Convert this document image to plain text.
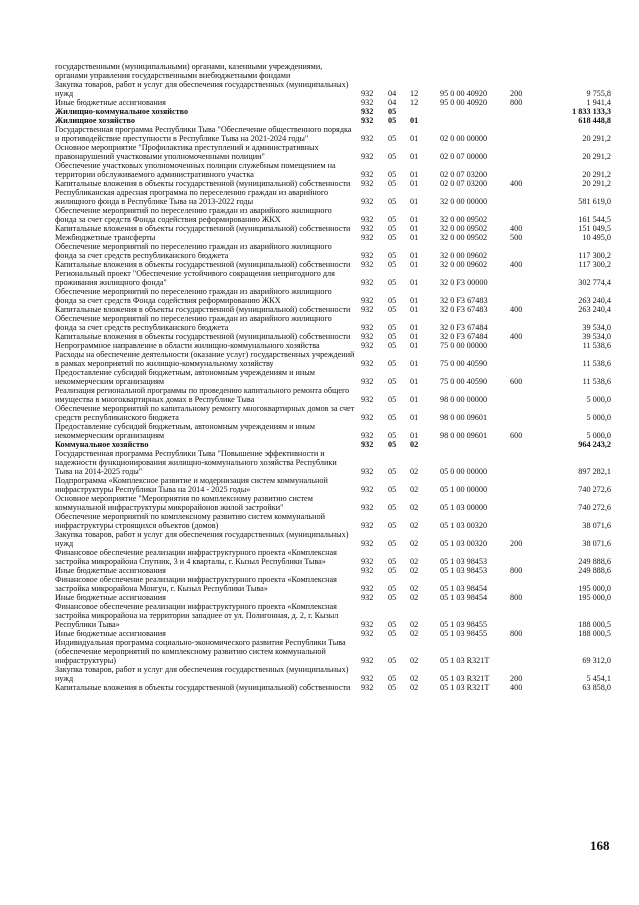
государственными (муниципальными) органами, казенными учреждениями, органами управления государственными внебюджетными фондами
Закупка товаров, работ и услуг для обеспечения государственных (муниципальных) нужд	932 04 12	95 0 00 40920	200	9 755,8
Иные бюджетные ассигнования	932 04 12	95 0 00 40920	800	1 941,4
Жилищно-коммунальное хозяйство	932 05	1 833 133,3
Жилищное хозяйство	932 05 01	618 448,8
Государственная программа Республики Тыва "Обеспечение общественного порядка и противодействие преступности в Республике Тыва на 2021-2024 годы"	932 05 01	02 0 00 00000	20 291,2
Основное мероприятие "Профилактика преступлений и административных правонарушений участковыми уполномоченными полиции"	932 05 01	02 0 07 00000	20 291,2
Обеспечение участковых уполномоченных полиции служебным помещением на территории обслуживаемого административного участка	932 05 01	02 0 07 03200	20 291,2
Капитальные вложения в объекты государственной (муниципальной) собственности	932 05 01	02 0 07 03200	400	20 291,2
Республиканская адресная программа по переселению граждан из аварийного жилищного фонда в Республике Тыва на 2013-2022 годы	932 05 01	32 0 00 00000	581 619,0
Обеспечение мероприятий по переселению граждан из аварийного жилищного фонда за счет средств Фонда содействия реформированию ЖКХ	932 05 01	32 0 00 09502	161 544,5
Капитальные вложения в объекты государственной (муниципальной) собственности	932 05 01	32 0 00 09502	400	151 049,5
Межбюджетные трансферты	932 05 01	32 0 00 09502	500	10 495,0
Обеспечение мероприятий по переселению граждан из аварийного жилищного фонда за счет средств республиканского бюджета	932 05 01	32 0 00 09602	117 300,2
Капитальные вложения в объекты государственной (муниципальной) собственности	932 05 01	32 0 00 09602	400	117 300,2
Региональный проект "Обеспечение устойчивого сокращения непригодного для проживания жилищного фонда"	932 05 01	32 0 F3 00000	302 774,4
Обеспечение мероприятий по переселению граждан из аварийного жилищного фонда за счет средств Фонда содействия реформированию ЖКХ	932 05 01	32 0 F3 67483	263 240,4
Капитальные вложения в объекты государственной (муниципальной) собственности	932 05 01	32 0 F3 67483	400	263 240,4
Обеспечение мероприятий по переселению граждан из аварийного жилищного фонда за счет средств республиканского бюджета	932 05 01	32 0 F3 67484	39 534,0
Капитальные вложения в объекты государственной (муниципальной) собственности	932 05 01	32 0 F3 67484	400	39 534,0
Непрограммное направление в области жилищно-коммунального хозяйства	932 05 01	75 0 00 00000	11 538,6
Расходы на обеспечение деятельности (оказание услуг) государственных учреждений в рамках мероприятий по жилищно-коммунальному хозяйству	932 05 01	75 0 00 40590	11 538,6
Предоставление субсидий бюджетным, автономным учреждениям и иным некоммерческим организациям	932 05 01	75 0 00 40590	600	11 538,6
Реализация региональной программы по проведению капитального ремонта общего имущества в многоквартирных домах в Республике Тыва	932 05 01	98 0 00 00000	5 000,0
Обеспечение мероприятий по капитальному ремонту многоквартирных домов за счет средств республиканского бюджета	932 05 01	98 0 00 09601	5 000,0
Предоставление субсидий бюджетным, автономным учреждениям и иным некоммерческим организациям	932 05 01	98 0 00 09601	600	5 000,0
Коммунальное хозяйство	932 05 02	964 243,2
Государственная программа Республики Тыва "Повышение эффективности и надежности функционирования жилищно-коммунального хозяйства Республики Тыва на 2014-2025 годы"	932 05 02	05 0 00 00000	897 282,1
Подпрограмма «Комплексное развитие и модернизация систем коммунальной инфраструктуры Республики Тыва на 2014 - 2025 годы»	932 05 02	05 1 00 00000	740 272,6
Основное мероприятие "Мероприятия по комплексному развитию систем коммунальной инфраструктуры микрорайонов жилой застройки"	932 05 02	05 1 03 00000	740 272,6
Обеспечение мероприятий по комплексному развитию систем коммунальной инфраструктуры строящихся объектов (домов)	932 05 02	05 1 03 00320	38 071,6
Закупка товаров, работ и услуг для обеспечения государственных (муниципальных) нужд	932 05 02	05 1 03 00320	200	38 071,6
Финансовое обеспечение реализации инфраструктурного проекта «Комплексная застройка микрорайона Спутник, 3 и 4 кварталы, г. Кызыл Республики Тыва»	932 05 02	05 1 03 98453	249 888,6
Иные бюджетные ассигнования	932 05 02	05 1 03 98453	800	249 888,6
Финансовое обеспечение реализации инфраструктурного проекта «Комплексная застройка микрорайона Монгун, г. Кызыл Республики Тыва»	932 05 02	05 1 03 98454	195 000,0
Иные бюджетные ассигнования	932 05 02	05 1 03 98454	800	195 000,0
Финансовое обеспечение реализации инфраструктурного проекта «Комплексная застройка микрорайона на территории западнее от ул. Полигонная, д. 2, г. Кызыл Республики Тыва»	932 05 02	05 1 03 98455	188 000,5
Иные бюджетные ассигнования	932 05 02	05 1 03 98455	800	188 000,5
Индивидуальная программа социально-экономического развития Республики Тыва (обеспечение мероприятий по комплексному развитию систем коммунальной инфраструктуры)	932 05 02	05 1 03 R321T	69 312,0
Закупка товаров, работ и услуг для обеспечения государственных (муниципальных) нужд	932 05 02	05 1 03 R321T	200	5 454,1
Капитальные вложения в объекты государственной (муниципальной) собственности	932 05 02	05 1 03 R321T	400	63 858,0
168
